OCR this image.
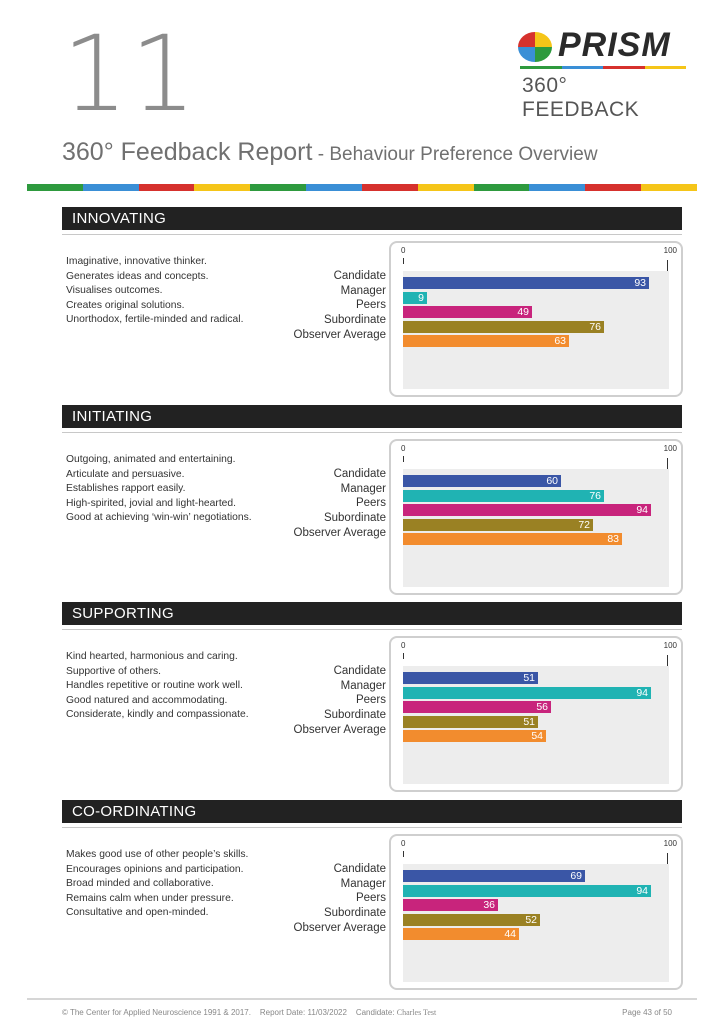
11	PRISM
360° FEEDBACK
360° Feedback Report - Behaviour Preference Overview
INNOVATING
Imaginative, innovative thinker.
Generates ideas and concepts.
Visualises outcomes.
Creates original solutions.
Unorthodox, fertile-minded and radical.
Candidate
Manager
Peers
Subordinate
Observer Average
0	100
93
9
49
76
63
INITIATING
Outgoing, animated and entertaining.
Articulate and persuasive.
Establishes rapport easily.
High-spirited, jovial and light-hearted.
Good at achieving ‘win-win’ negotiations.
Candidate
Manager
Peers
Subordinate
Observer Average
0	100
60
76
94
72
83
SUPPORTING
Kind hearted, harmonious and caring.
Supportive of others.
Handles repetitive or routine work well.
Good natured and accommodating.
Considerate, kindly and compassionate.
Candidate
Manager
Peers
Subordinate
Observer Average
0	100
51
94
56
51
54
CO-ORDINATING
Makes good use of other people’s skills.
Encourages opinions and participation.
Broad minded and collaborative.
Remains calm when under pressure.
Consultative and open-minded.
Candidate
Manager
Peers
Subordinate
Observer Average
0	100
69
94
36
52
44
© The Center for Applied Neuroscience 1991 & 2017. Report Date: 11/03/2022 Candidate: Charles Test	Page 43 of 50
